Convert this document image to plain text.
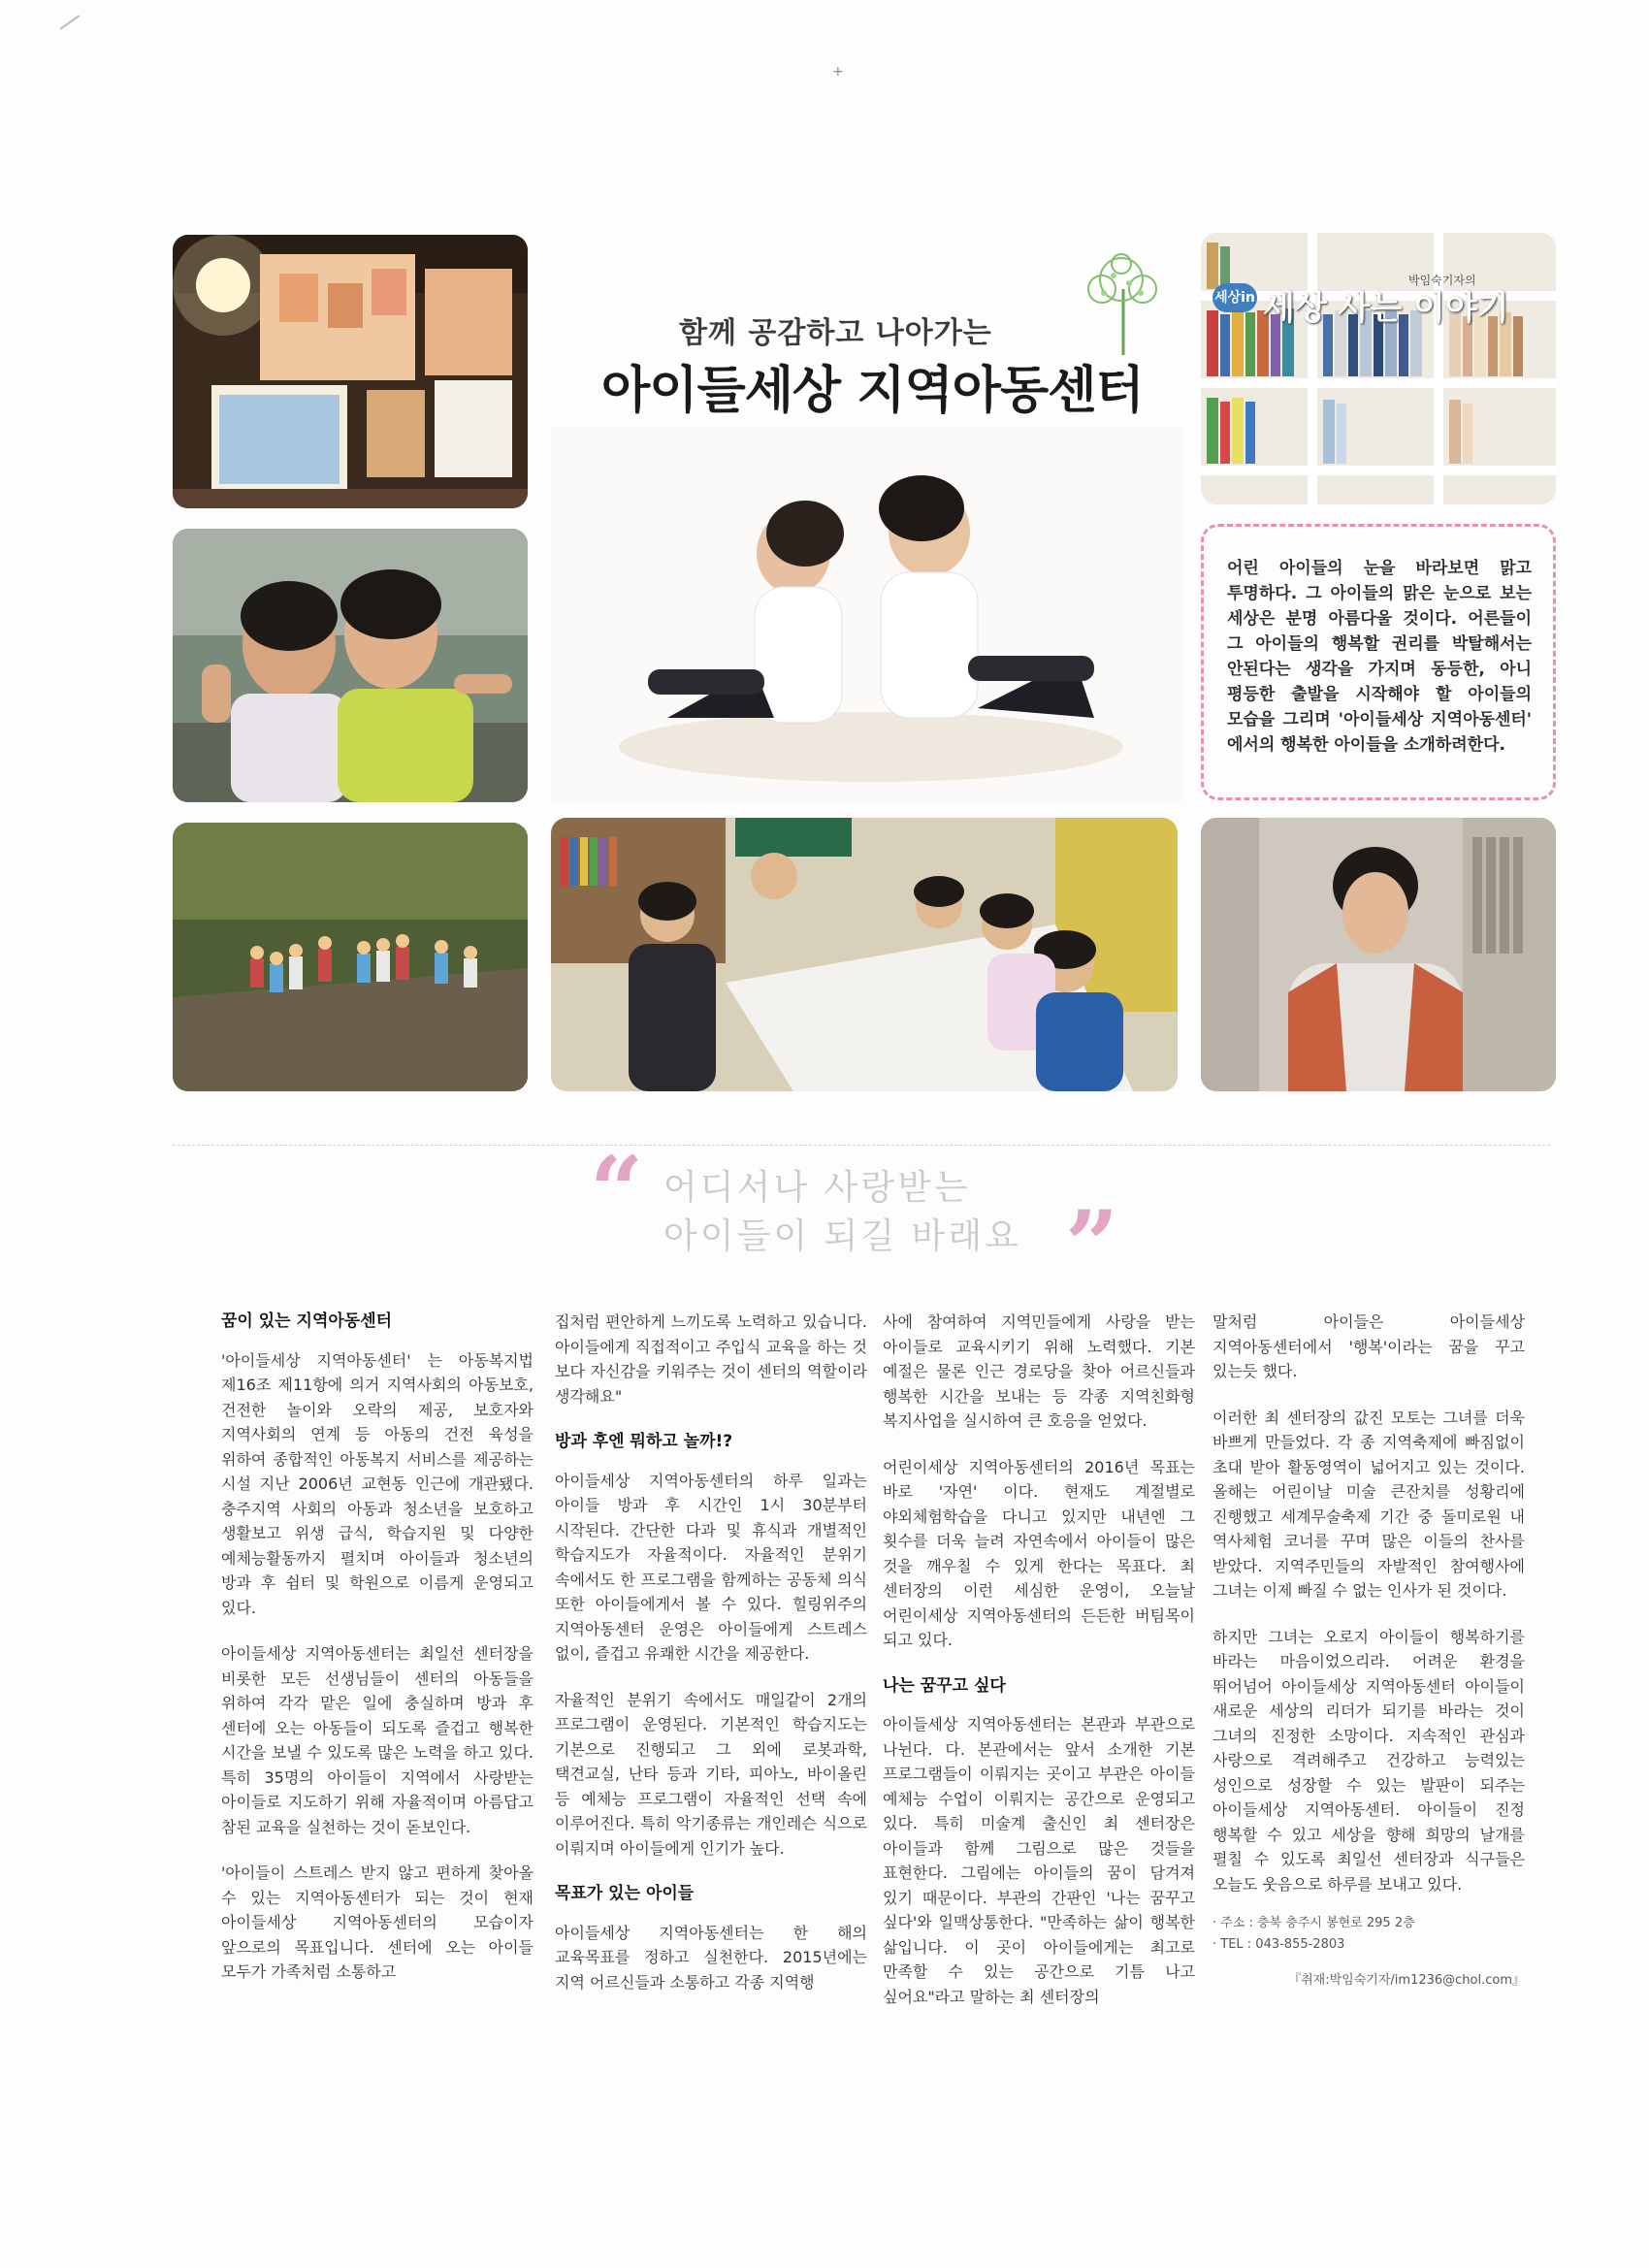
+
함께 공감하고 나아가는
아이들세상 지역아동센터
세상in
박임숙기자의
세상 사는 이야기

어린 아이들의 눈을 바라보면 맑고 투명하다. 그 아이들의 맑은 눈으로 보는 세상은 분명 아름다울 것이다. 어른들이 그 아이들의 행복할 권리를 박탈해서는 안된다는 생각을 가지며 동등한, 아니 평등한 출발을 시작해야 할 아이들의 모습을 그리며 '아이들세상 지역아동센터' 에서의 행복한 아이들을 소개하려한다.

“ 어디서나 사랑받는
아이들이 되길 바래요 ”
꿈이 있는 지역아동센터

'아이들세상 지역아동센터' 는 아동복지법 제16조 제11항에 의거 지역사회의 아동보호, 건전한 놀이와 오락의 제공, 보호자와 지역사회의 연계 등 아동의 건전 육성을 위하여 종합적인 아동복지 서비스를 제공하는 시설 지난 2006년 교현동 인근에 개관됐다. 충주지역 사회의 아동과 청소년을 보호하고 생활보고 위생 급식, 학습지원 및 다양한 예체능활동까지 펼치며 아이들과 청소년의 방과 후 쉼터 및 학원으로 이름게 운영되고 있다.

아이들세상 지역아동센터는 최일선 센터장을 비롯한 모든 선생님들이 센터의 아동들을 위하여 각각 맡은 일에 충실하며 방과 후 센터에 오는 아동들이 되도록 즐겁고 행복한 시간을 보낼 수 있도록 많은 노력을 하고 있다. 특히 35명의 아이들이 지역에서 사랑받는 아이들로 지도하기 위해 자율적이며 아름답고 참된 교육을 실천하는 것이 돋보인다.

'아이들이 스트레스 받지 않고 편하게 찾아올 수 있는 지역아동센터가 되는 것이 현재 아이들세상 지역아동센터의 모습이자 앞으로의 목표입니다. 센터에 오는 아이들 모두가 가족처럼 소통하고

집처럼 편안하게 느끼도록 노력하고 있습니다. 아이들에게 직접적이고 주입식 교육을 하는 것 보다 자신감을 키워주는 것이 센터의 역할이라 생각해요"

방과 후엔 뭐하고 놀까!?

아이들세상 지역아동센터의 하루 일과는 아이들 방과 후 시간인 1시 30분부터 시작된다. 간단한 다과 및 휴식과 개별적인 학습지도가 자율적이다. 자율적인 분위기 속에서도 한 프로그램을 함께하는 공동체 의식 또한 아이들에게서 볼 수 있다. 힐링위주의 지역아동센터 운영은 아이들에게 스트레스 없이, 즐겁고 유쾌한 시간을 제공한다.

자율적인 분위기 속에서도 매일같이 2개의 프로그램이 운영된다. 기본적인 학습지도는 기본으로 진행되고 그 외에 로봇과학, 택견교실, 난타 등과 기타, 피아노, 바이올린 등 예체능 프로그램이 자율적인 선택 속에 이루어진다. 특히 악기종류는 개인레슨 식으로 이뤄지며 아이들에게 인기가 높다.

목표가 있는 아이들

아이들세상 지역아동센터는 한 해의 교육목표를 정하고 실천한다. 2015년에는 지역 어르신들과 소통하고 각종 지역행

사에 참여하여 지역민들에게 사랑을 받는 아이들로 교육시키기 위해 노력했다. 기본 예절은 물론 인근 경로당을 찾아 어르신들과 행복한 시간을 보내는 등 각종 지역친화형 복지사업을 실시하여 큰 호응을 얻었다.

어린이세상 지역아동센터의 2016년 목표는 바로 '자연' 이다. 현재도 계절별로 야외체험학습을 다니고 있지만 내년엔 그 횟수를 더욱 늘려 자연속에서 아이들이 많은 것을 깨우칠 수 있게 한다는 목표다. 최 센터장의 이런 세심한 운영이, 오늘날 어린이세상 지역아동센터의 든든한 버팀목이 되고 있다.

나는 꿈꾸고 싶다

아이들세상 지역아동센터는 본관과 부관으로 나뉜다. 다. 본관에서는 앞서 소개한 기본 프로그램들이 이뤄지는 곳이고 부관은 아이들 예체능 수업이 이뤄지는 공간으로 운영되고 있다. 특히 미술계 출신인 최 센터장은 아이들과 함께 그림으로 많은 것들을 표현한다. 그림에는 아이들의 꿈이 담겨져 있기 때문이다. 부관의 간판인 '나는 꿈꾸고 싶다'와 일맥상통한다. "만족하는 삶이 행복한 삶입니다. 이 곳이 아이들에게는 최고로 만족할 수 있는 공간으로 기틈 나고 싶어요"라고 말하는 최 센터장의

말처럼 아이들은 아이들세상 지역아동센터에서 '행복'이라는 꿈을 꾸고 있는듯 했다.

이러한 최 센터장의 값진 모토는 그녀를 더욱 바쁘게 만들었다. 각 종 지역축제에 빠짐없이 초대 받아 활동영역이 넓어지고 있는 것이다. 올해는 어린이날 미술 큰잔치를 성황리에 진행했고 세계무술축제 기간 중 돌미로원 내 역사체험 코너를 꾸며 많은 이들의 찬사를 받았다. 지역주민들의 자발적인 참여행사에 그녀는 이제 빠질 수 없는 인사가 된 것이다.

하지만 그녀는 오로지 아이들이 행복하기를 바라는 마음이었으리라. 어려운 환경을 뛰어넘어 아이들세상 지역아동센터 아이들이 새로운 세상의 리더가 되기를 바라는 것이 그녀의 진정한 소망이다. 지속적인 관심과 사랑으로 격려해주고 건강하고 능력있는 성인으로 성장할 수 있는 발판이 되주는 아이들세상 지역아동센터. 아이들이 진정 행복할 수 있고 세상을 향해 희망의 날개를 펼칠 수 있도록 최일선 센터장과 식구들은 오늘도 웃음으로 하루를 보내고 있다.

· 주소 : 충북 충주시 봉현로 295 2층
· TEL : 043-855-2803
『취재:박임숙기자/im1236@chol.com』
